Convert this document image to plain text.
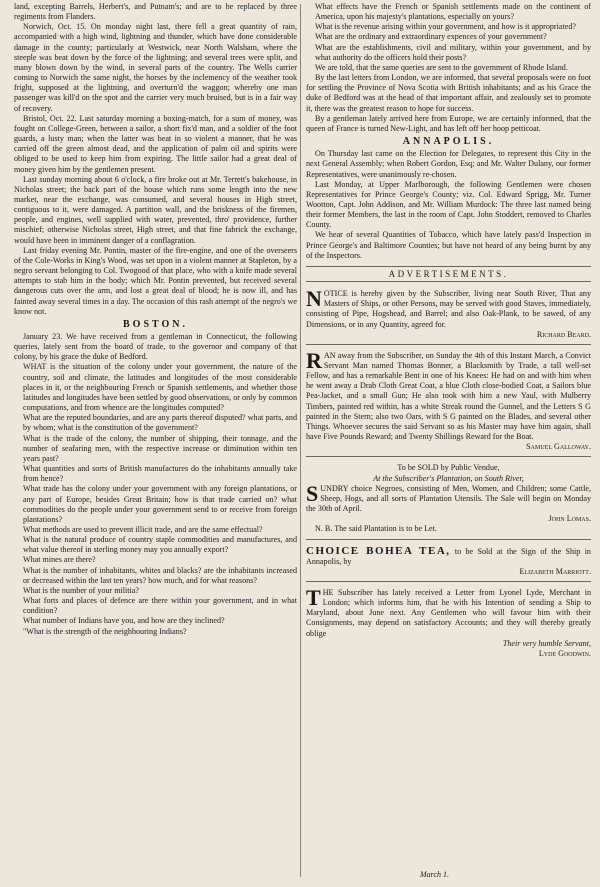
land, excepting Barrels, Herbert's, and Putnam's; and are to be replaced by three regiments from Flanders.

Norwich, Oct. 15. On monday night last, there fell a great quantity of rain, accompanied with a high wind, lightning and thunder, which have done considerable damage in the county; particularly at Westwick, near North Walsham, where the steeple was beat down by the force of the lightning; and several trees were split, and many blown down by the wind, in several parts of the country. The Wells carrier coming to Norwich the same night, the horses by the inclemency of the weather took fright, supposed at the lightning, and overturn'd the waggon; whereby one man passenger was kill'd on the spot and the carrier very much bruised, but is in a fair way of recovery.

Bristol, Oct. 22. Last saturday morning a boxing-match, for a sum of money, was fought on College-Green, between a sailor, a short fix'd man, and a soldier of the foot guards, a lusty man; when the latter was beat in so violent a manner, that he was carried off the green almost dead, and the application of palm oil and spirits were obliged to be used to keep him from expiring. The little sailor had a great deal of money given him by the gentlemen present.

Last sunday morning about 6 o'clock, a fire broke out at Mr. Terrett's bakehouse, in Nicholas street; the back part of the house which runs some length into the new market, near the exchange, was consumed, and several houses in High street, contiguous to it, were damaged. A partition wall, and the briskness of the firemen, people, and engines, well supplied with water, prevented, thro' providence, further mischief; otherwise Nicholas street, High street, and that fine fabrick the exchange, would have been in imminent danger of a conflagration.

Last friday evening Mr. Pontin, master of the fire-engine, and one of the overseers of the Cole-Works in King's Wood, was set upon in a violent manner at Stapleton, by a negro servant belonging to Col. Twogood of that place, who with a knife made several attempts to stab him in the body; which Mr. Pontin prevented, but received several dangerous cuts over the arm, and lost a great deal of blood; he is now ill, and has fainted away several times in a day. The occasion of this rash attempt of the negro's we know not.

BOSTON.

January 23. We have received from a gentleman in Connecticut, the following queries, lately sent from the board of trade, to the governor and company of that colony, by his grace the duke of Bedford.

WHAT is the situation of the colony under your government, the nature of the country, soil and climate, the latitudes and longitudes of the most considerable places in it, or the neighbouring French or Spanish settlements, and whether those latitudes and longitudes have been settled by good observations, or only by common computations, and from whence are the longitudes computed?

What are the reputed boundaries, and are any parts thereof disputed? what parts, and by whom; what is the constitution of the government?

What is the trade of the colony, the number of shipping, their tonnage, and the number of seafaring men, with the respective increase or diminution within ten years past?

What quantities and sorts of British manufactures do the inhabitants annually take from hence?

What trade has the colony under your government with any foreign plantations, or any part of Europe, besides Great Britain; how is that trade carried on? what commodities do the people under your government send to or receive from foreign plantations?

What methods are used to prevent illicit trade, and are the same effectual?

What is the natural produce of country staple commodities and manufactures, and what value thereof in sterling money may you annually export?

What mines are there?

What is the number of inhabitants, whites and blacks? are the inhabitants increased or decreased within the last ten years? how much, and for what reasons?

What is the number of your militia?

What forts and places of defence are there within your government, and in what condition?

What number of Indians have you, and how are they inclined?

"What is the strength of the neighbouring Indians?

What effects have the French or Spanish settlements made on the continent of America, upon his majesty's plantations, especially on yours?

What is the revenue arising within your government, and how is it appropriated?

What are the ordinary and extraordinary expences of your government?

What are the establishments, civil and military, within your government, and by what authority do the officers hold their posts?

We are told, that the same queries are sent to the government of Rhode Island.

By the last letters from London, we are informed, that several proposals were on foot for settling the Province of Nova Scotia with British inhabitants; and as his Grace the duke of Bedford was at the head of that important affair, and zealously set to promote it, there was the greatest reason to hope for success.

By a gentleman lately arrived here from Europe, we are certainly informed, that the queen of France is turned New-Light, and has left off her hoop petticoat.

ANNAPOLIS.

On Thursday last came on the Election for Delegates, to represent this City in the next General Assembly; when Robert Gordon, Esq; and Mr. Walter Dulany, our former Representatives, were unanimously re-chosen.

Last Monday, at Upper Marlborough, the following Gentlemen were chosen Representatives for Prince George's County; viz. Col. Edward Sprigg, Mr. Turner Wootton, Capt. John Addison, and Mr. William Murdock: The three last named being their former Members, the last in the room of Capt. John Stoddert, removed to Charles County.

We hear of several Quantities of Tobacco, which have lately pass'd Inspection in Prince George's and Baltimore Counties; but have not heard of any being burnt by any of the Inspectors.

ADVERTISEMENTS.

NOTICE is hereby given by the Subscriber, living near South River, That any Masters of Ships, or other Persons, may be served with good Staves, immediately, consisting of Pipe, Hogshead, and Barrel; and also Oak-Plank, to be sawed, of any Dimensions, or in any Quantity, agreed for.

Richard Beard.

RAN away from the Subscriber, on Sunday the 4th of this Instant March, a Convict Servant Man named Thomas Bonner, a Blacksmith by Trade, a tall well-set Fellow, and has a remarkable Bent in one of his Knees: He had on and with him when he went away a Drab Cloth Great Coat, a blue Cloth close-bodied Coat, a Sailors blue Pea-Jacket, and a small Gun; He also took with him a new Yaul, with Mulberry Timbers, painted red within, has a white Streak round the Gunnel, and the Letters S G painted in the Stern; also two Oars, with S G painted on the Blades, and several other Things. Whoever secures the said Servant so as his Master may have him again, shall have Five Pounds Reward; and Twenty Shillings Reward for the Boat.

Samuel Galloway.

To be SOLD by Public Vendue,

At the Subscriber's Plantation, on South River,

SUNDRY choice Negroes, consisting of Men, Women, and Children; some Cattle, Sheep, Hogs, and all sorts of Plantation Utensils. The Sale will begin on Monday the 30th of April.

John Lomas.

N. B. The said Plantation is to be Let.

CHOICE BOHEA TEA, to be Sold at the Sign of the Ship in Annapolis, by

Elizabeth Marriott.

THE Subscriber has lately received a Letter from Lyonel Lyde, Merchant in London; which informs him, that he with his Intention of sending a Ship to Maryland, about June next. Any Gentlemen who will favour him with their Consignments, may depend on satisfactory Accounts; and they will thereby greatly oblige

Their very humble Servant,

Lyde Goodwin.

March 1.
